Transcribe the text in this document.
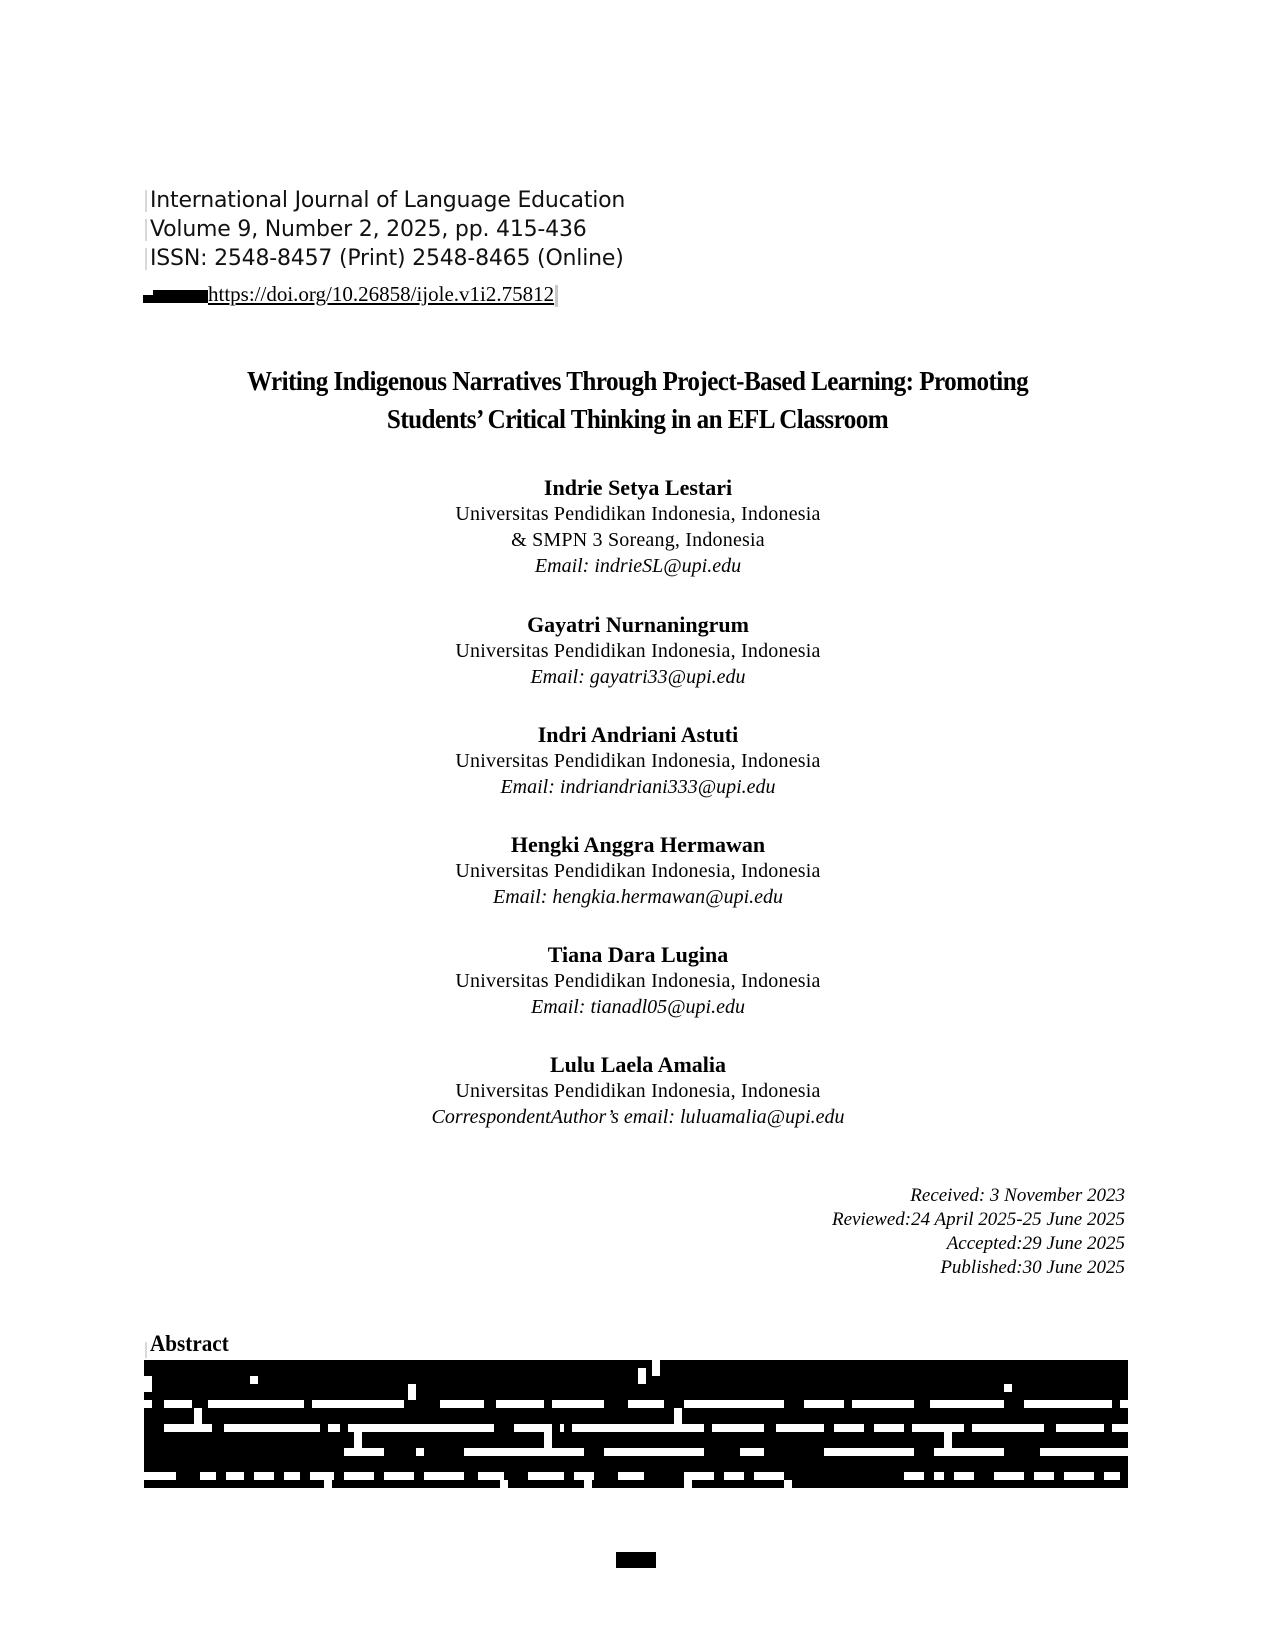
International Journal of Language Education
Volume 9, Number 2, 2025, pp. 415-436
ISSN: 2548-8457 (Print) 2548-8465 (Online)
https://doi.org/10.26858/ijole.v1i2.75812
Writing Indigenous Narratives Through Project-Based Learning: Promoting
Students’ Critical Thinking in an EFL Classroom
Indrie Setya Lestari
Universitas Pendidikan Indonesia, Indonesia
& SMPN 3 Soreang, Indonesia
Email: indrieSL@upi.edu
Gayatri Nurnaningrum
Universitas Pendidikan Indonesia, Indonesia
Email: gayatri33@upi.edu
Indri Andriani Astuti
Universitas Pendidikan Indonesia, Indonesia
Email: indriandriani333@upi.edu
Hengki Anggra Hermawan
Universitas Pendidikan Indonesia, Indonesia
Email: hengkia.hermawan@upi.edu
Tiana Dara Lugina
Universitas Pendidikan Indonesia, Indonesia
Email: tianadl05@upi.edu
Lulu Laela Amalia
Universitas Pendidikan Indonesia, Indonesia
CorrespondentAuthor’s email: luluamalia@upi.edu
Received: 3 November 2023
Reviewed:24 April 2025-25 June 2025
Accepted:29 June 2025
Published:30 June 2025
Abstract
